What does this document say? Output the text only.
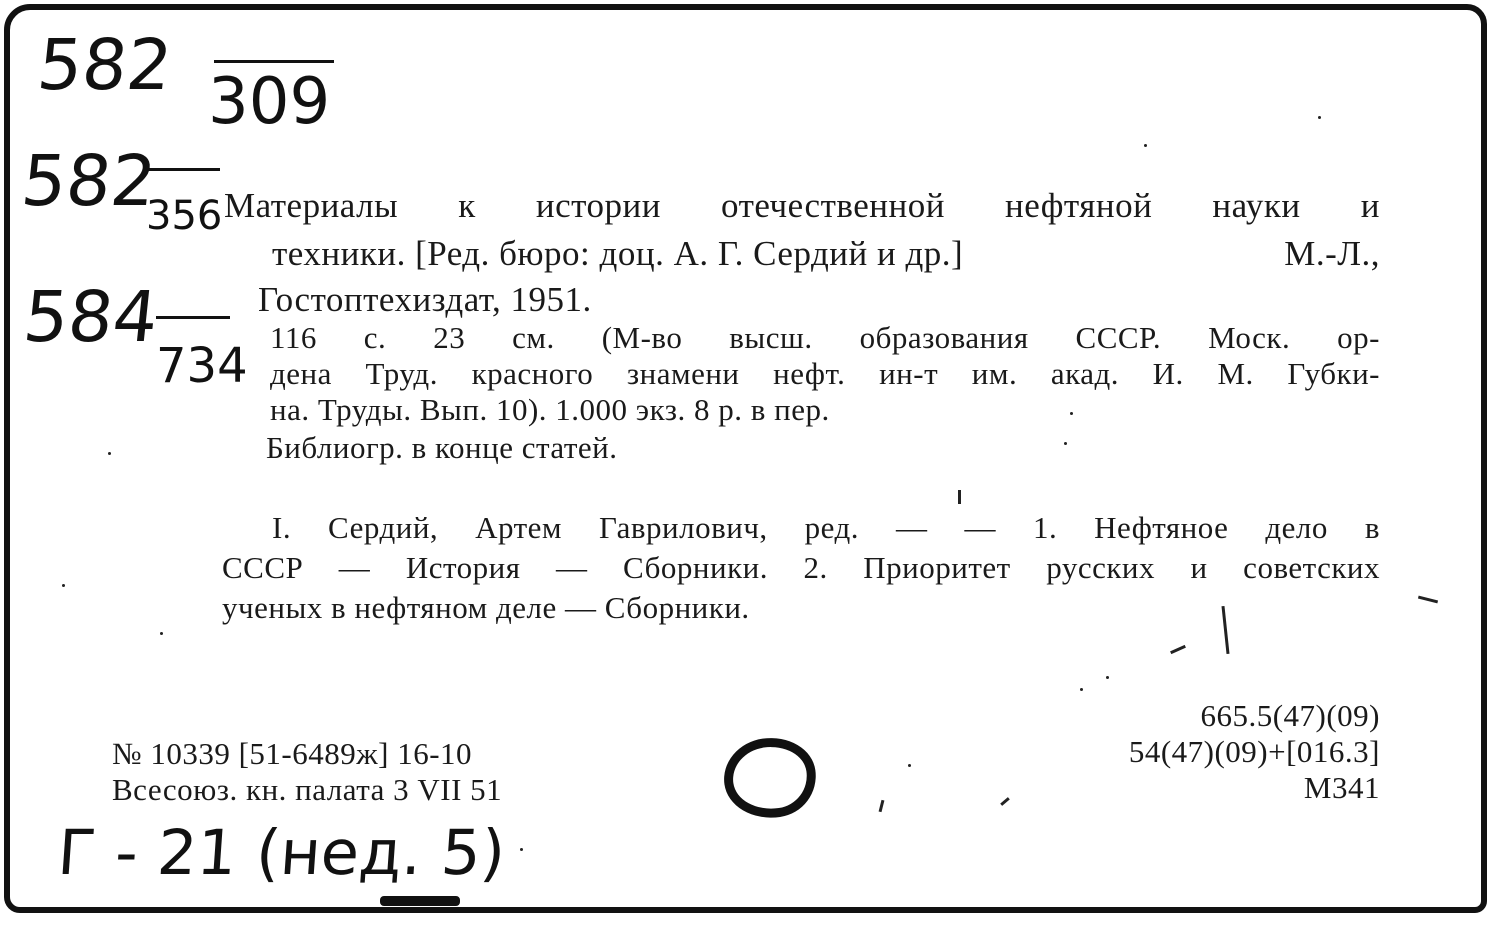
582 309
582
356
584
734
Г - 21 (нед. 5)
Материалы к истории отечественной нефтяной науки и
техники. [Ред. бюро: доц. А. Г. Сердий и др.]	М.-Л.,
Гостоптехиздат, 1951.
116 с. 23 см. (М-во высш. образования СССР. Моск. ор-
дена Труд. красного знамени нефт. ин-т им. акад. И. М. Губки-
на. Труды. Вып. 10). 1.000 экз. 8 р. в пер.
Библиогр. в конце статей.
I. Сердий, Артем Гаврилович, ред. — — 1. Нефтяное дело в
СССР — История — Сборники. 2. Приоритет русских и советских
ученых в нефтяном деле — Сборники.
№ 10339 [51-6489ж] 16-10
Всесоюз. кн. палата 3 VII 51
665.5(47)(09)
54(47)(09)+[016.3]
М341
